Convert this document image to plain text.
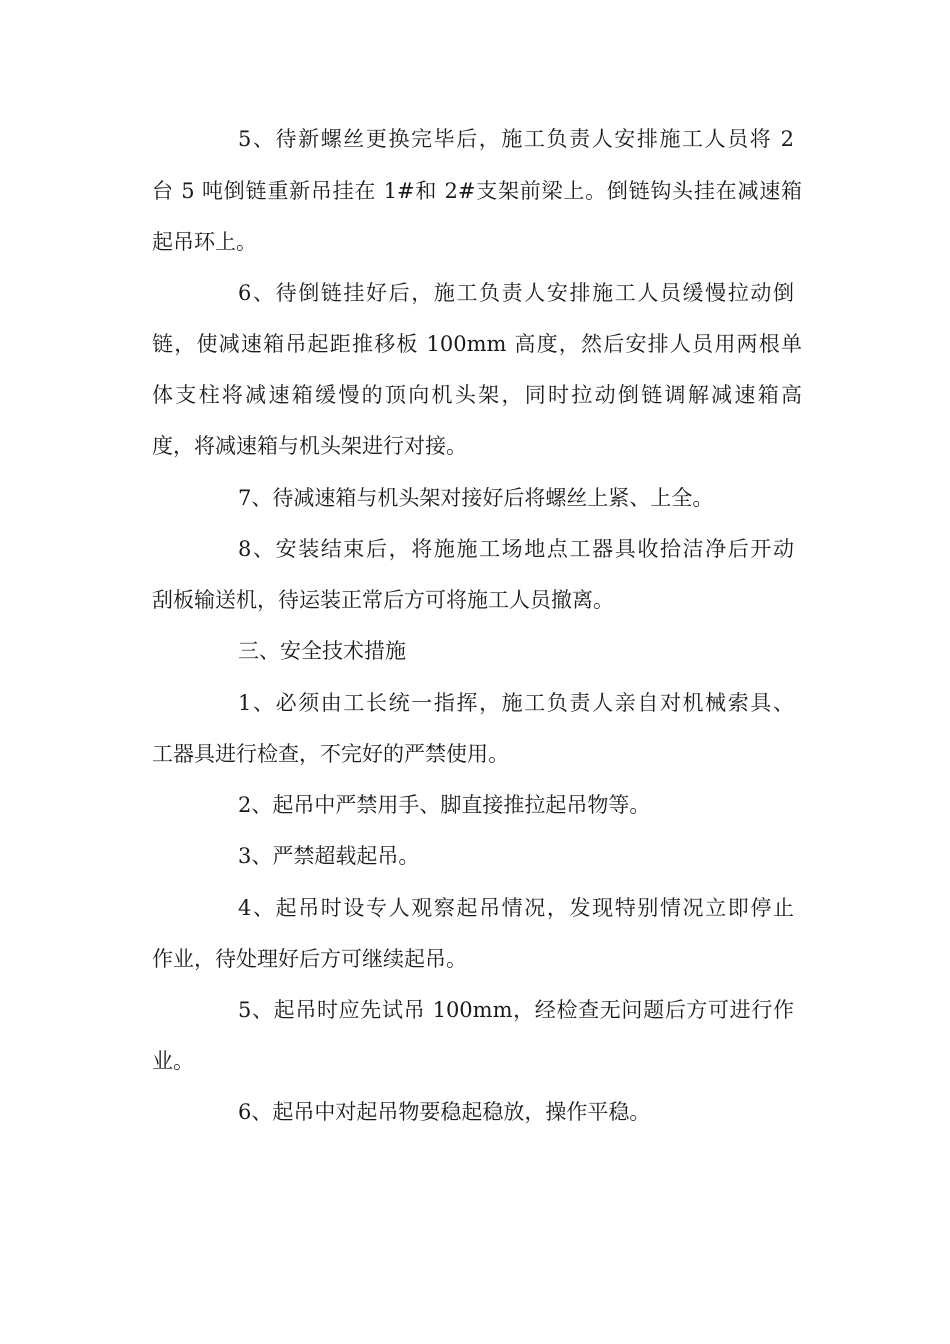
5、待新螺丝更换完毕后，施工负责人安排施工人员将 2
台 5 吨倒链重新吊挂在 1#和 2#支架前梁上。倒链钩头挂在减速箱
起吊环上。
6、待倒链挂好后，施工负责人安排施工人员缓慢拉动倒
链，使减速箱吊起距推移板 100mm 高度，然后安排人员用两根单
体支柱将减速箱缓慢的顶向机头架，同时拉动倒链调解减速箱高
度，将减速箱与机头架进行对接。
7、待减速箱与机头架对接好后将螺丝上紧、上全。
8、安装结束后，将施施工场地点工器具收拾洁净后开动
刮板输送机，待运装正常后方可将施工人员撤离。
三、安全技术措施
1、必须由工长统一指挥，施工负责人亲自对机械索具、
工器具进行检查，不完好的严禁使用。
2、起吊中严禁用手、脚直接推拉起吊物等。
3、严禁超载起吊。
4、起吊时设专人观察起吊情况，发现特别情况立即停止
作业，待处理好后方可继续起吊。
5、起吊时应先试吊 100mm，经检查无问题后方可进行作
业。
6、起吊中对起吊物要稳起稳放，操作平稳。
